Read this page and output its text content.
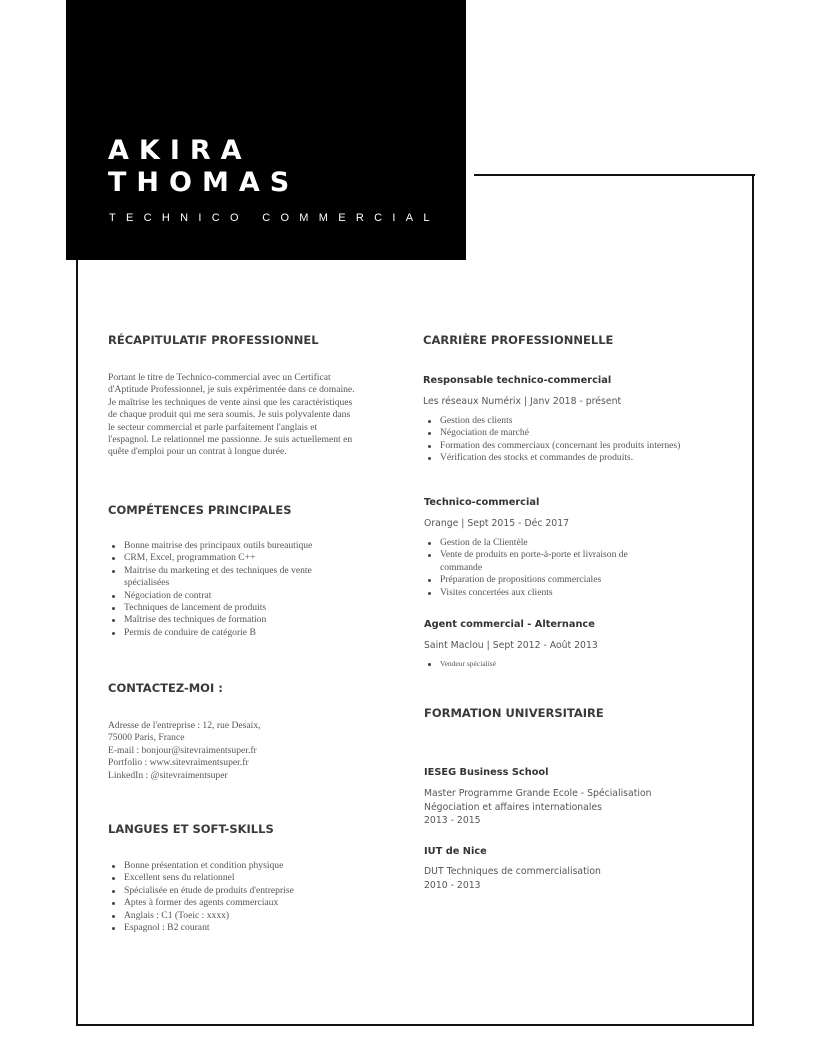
AKIRA
THOMAS
TECHNICO COMMERCIAL
RÉCAPITULATIF PROFESSIONNEL
Portant le titre de Technico-commercial avec un Certificat
d'Aptitude Professionnel, je suis expérimentée dans ce domaine.
Je maîtrise les techniques de vente ainsi que les caractéristiques
de chaque produit qui me sera soumis. Je suis polyvalente dans
le secteur commercial et parle parfaitement l'anglais et
l'espagnol. Le relationnel me passionne. Je suis actuellement en
quête d'emploi pour un contrat à longue durée.
COMPÉTENCES PRINCIPALES
Bonne maitrise des principaux outils bureautique
CRM, Excel, programmation C++
Maitrise du marketing et des techniques de vente spécialisées
Négociation de contrat
Techniques de lancement de produits
Maîtrise des techniques de formation
Permis de conduire de catégorie B
CONTACTEZ-MOI :
Adresse de l'entreprise : 12, rue Desaix,
75000 Paris, France
E-mail : bonjour@sitevraimentsuper.fr
Portfolio : www.sitevraimentsuper.fr
LinkedIn : @sitevraimentsuper
LANGUES ET SOFT-SKILLS
Bonne présentation et condition physique
Excellent sens du relationnel
Spécialisée en étude de produits d'entreprise
Aptes à former des agents commerciaux
Anglais : C1 (Toeic : xxxx)
Espagnol : B2 courant
CARRIÈRE PROFESSIONNELLE
Responsable technico-commercial
Les réseaux Numérix | Janv 2018 - présent
Gestion des clients
Négociation de marché
Formation des commerciaux (concernant les produits internes)
Vérification des stocks et commandes de produits.
Technico-commercial
Orange | Sept 2015 - Déc 2017
Gestion de la Clientèle
Vente de produits en porte-à-porte et livraison de commande
Préparation de propositions commerciales
Visites concertées aux clients
Agent commercial - Alternance
Saint Maclou | Sept 2012 - Août 2013
Vendeur spécialisé
FORMATION UNIVERSITAIRE
IESEG Business School
Master Programme Grande Ecole - Spécialisation
Négociation et affaires internationales
2013 - 2015
IUT de Nice
DUT Techniques de commercialisation
2010 - 2013
